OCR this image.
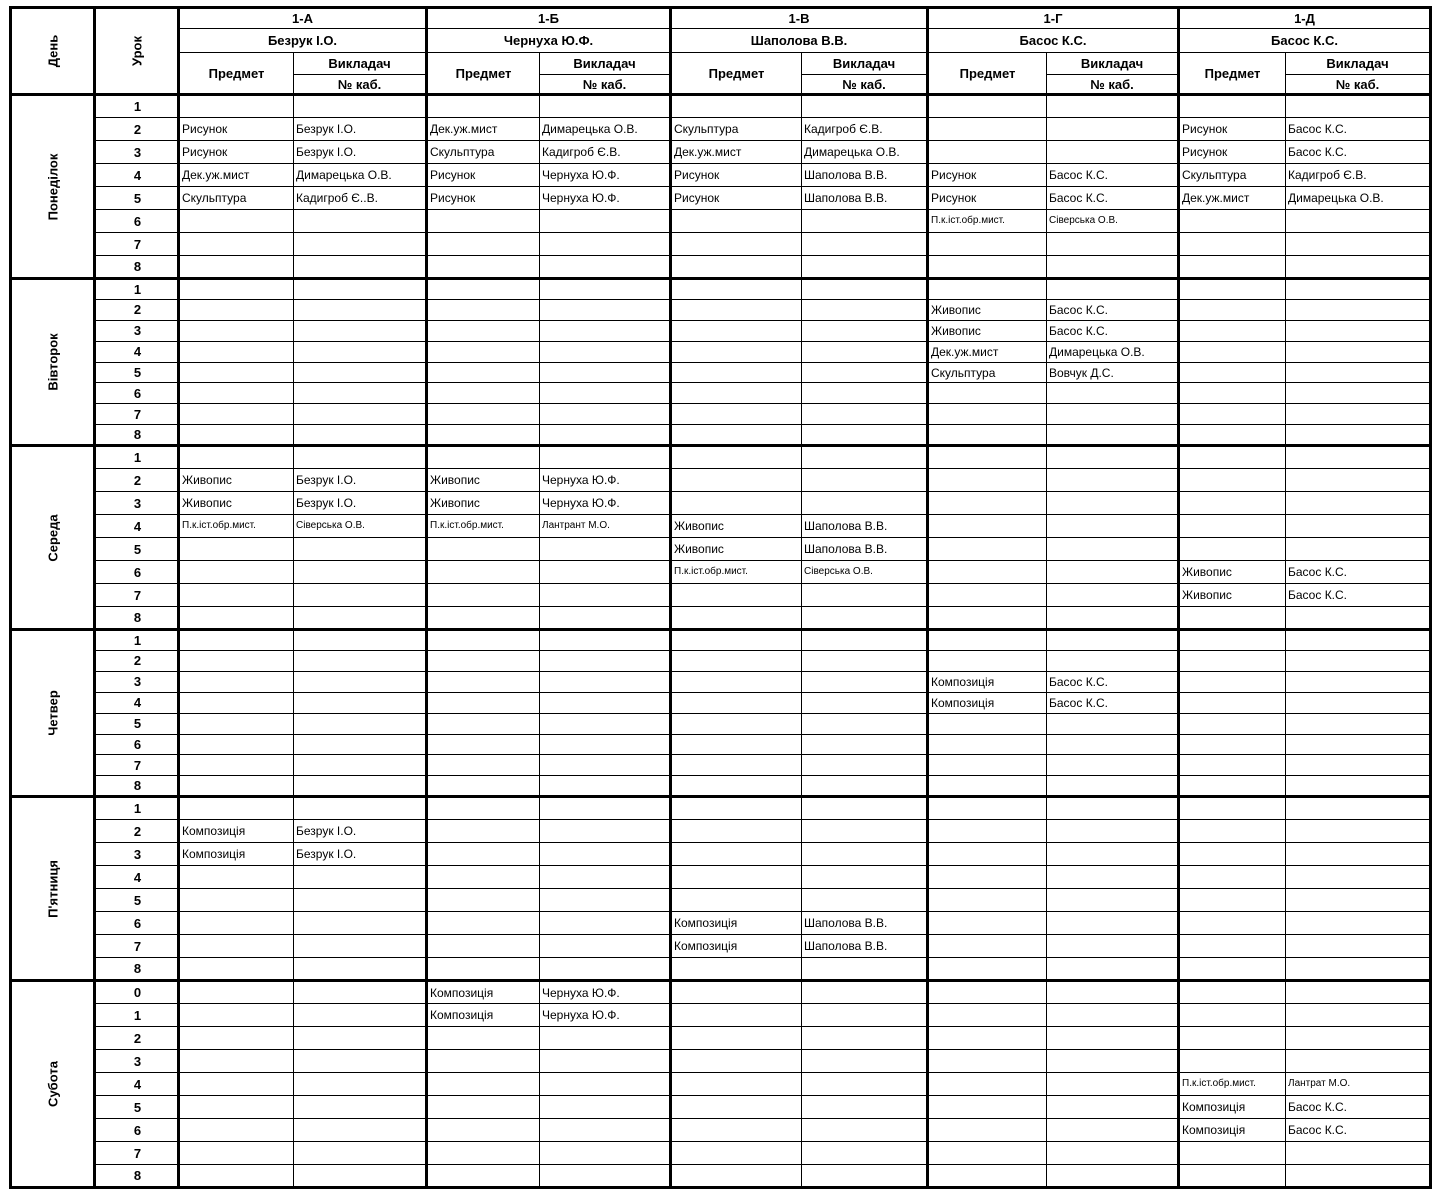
День	Урок	1-А		1-Б		1-В		1-Г		1-Д	
		Безрук І.О.		Чернуха Ю.Ф.		Шаполова В.В.		Басос К.С.		Басос К.С.	
		Предмет	Викладач	Предмет	Викладач	Предмет	Викладач	Предмет	Викладач	Предмет	Викладач
			№ каб.		№ каб.		№ каб.		№ каб.		№ каб.

Понеділок	1										
	2	Рисунок	Безрук І.О.	Дек.уж.мист	Димарецька О.В.	Скульптура	Кадигроб Є.В.			Рисунок	Басос К.С.
	3	Рисунок	Безрук І.О.	Скульптура	Кадигроб Є.В.	Дек.уж.мист	Димарецька О.В.			Рисунок	Басос К.С.
	4	Дек.уж.мист	Димарецька О.В.	Рисунок	Чернуха Ю.Ф.	Рисунок	Шаполова В.В.	Рисунок	Басос К.С.	Скульптура	Кадигроб Є.В.
	5	Скульптура	Кадигроб Є..В.	Рисунок	Чернуха Ю.Ф.	Рисунок	Шаполова В.В.	Рисунок	Басос К.С.	Дек.уж.мист	Димарецька О.В.
	6							П.к.іст.обр.мист.	Сіверська О.В.		
	7										
	8										

Вівторок	1										
	2							Живопис	Басос К.С.		
	3							Живопис	Басос К.С.		
	4							Дек.уж.мист	Димарецька О.В.		
	5							Скульптура	Вовчук Д.С.		
	6										
	7										
	8										

Середа	1										
	2	Живопис	Безрук І.О.	Живопис	Чернуха Ю.Ф.						
	3	Живопис	Безрук І.О.	Живопис	Чернуха Ю.Ф.						
	4	П.к.іст.обр.мист.	Сіверська О.В.	П.к.іст.обр.мист.	Лантрант М.О.	Живопис	Шаполова В.В.				
	5					Живопис	Шаполова В.В.				
	6					П.к.іст.обр.мист.	Сіверська О.В.			Живопис	Басос К.С.
	7									Живопис	Басос К.С.
	8										

Четвер	1										
	2										
	3							Композиція	Басос К.С.		
	4							Композиція	Басос К.С.		
	5										
	6										
	7										
	8										

П'ятниця	1										
	2	Композиція	Безрук І.О.								
	3	Композиція	Безрук І.О.								
	4										
	5										
	6					Композиція	Шаполова В.В.				
	7					Композиція	Шаполова В.В.				
	8										

Субота	0			Композиція	Чернуха Ю.Ф.						
	1			Композиція	Чернуха Ю.Ф.						
	2										
	3										
	4									П.к.іст.обр.мист.	Лантрат М.О.
	5									Композиція	Басос К.С.
	6									Композиція	Басос К.С.
	7										
	8										
